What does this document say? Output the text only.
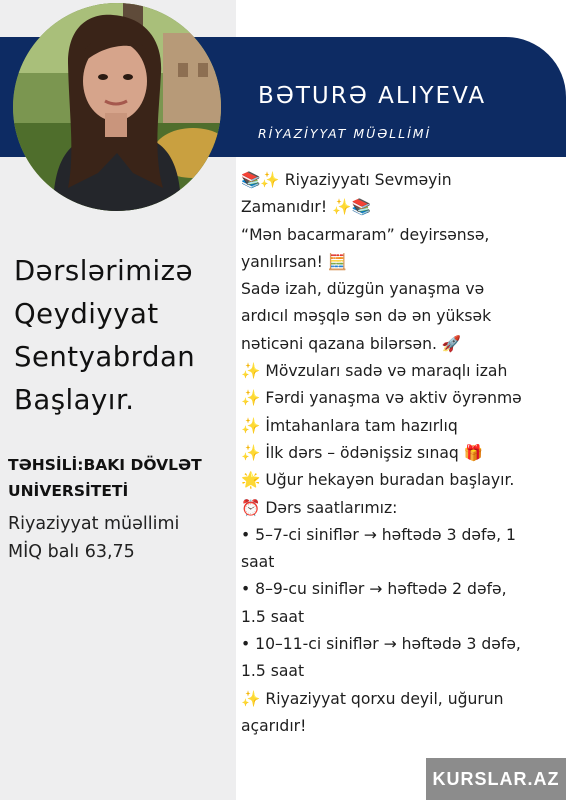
BƏTURƏ ALIYEVA
RİYAZİYYAT MÜƏLLİMİ
Dərslərimizə
Qeydiyyat
Sentyabrdan
Başlayır.
TƏHSİLİ:BAKI DÖVLƏT
UNİVERSİTETİ
Riyaziyyat müəllimi
MİQ balı 63,75
📚✨ Riyaziyyatı Sevməyin
Zamanıdır! ✨📚
“Mən bacarmaram” deyirsənsə,
yanılırsan! 🧮
Sadə izah, düzgün yanaşma və
ardıcıl məşqlə sən də ən yüksək
nəticəni qazana bilərsən. 🚀
✨ Mövzuları sadə və maraqlı izah
✨ Fərdi yanaşma və aktiv öyrənmə
✨ İmtahanlara tam hazırlıq
✨ İlk dərs – ödənişsiz sınaq 🎁
🌟 Uğur hekayən buradan başlayır.
⏰ Dərs saatlarımız:
• 5–7-ci siniflər → həftədə 3 dəfə, 1
saat
• 8–9-cu siniflər → həftədə 2 dəfə,
1.5 saat
• 10–11-ci siniflər → həftədə 3 dəfə,
1.5 saat
✨ Riyaziyyat qorxu deyil, uğurun
açarıdır!
KURSLAR.AZ
